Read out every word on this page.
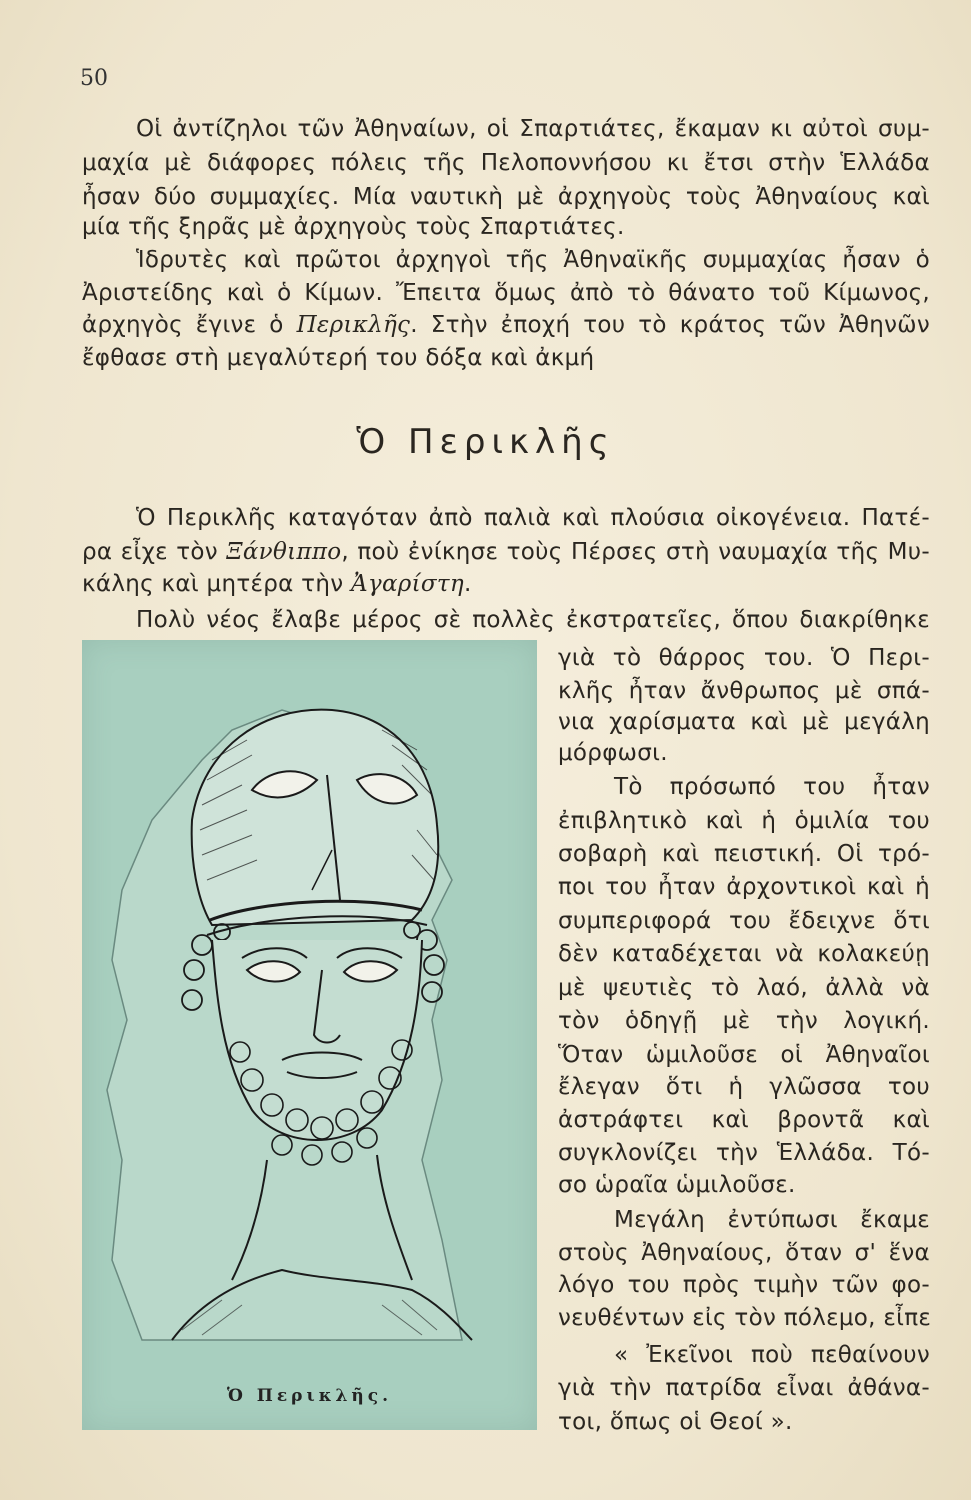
50
Οἱ ἀντίζηλοι τῶν Ἀθηναίων, οἱ Σπαρτιάτες, ἔκαμαν κι αὐτοὶ συμ-
μαχία μὲ διάφορες πόλεις τῆς Πελοποννήσου κι ἔτσι στὴν Ἑλλάδα
ἦσαν δύο συμμαχίες. Μία ναυτικὴ μὲ ἀρχηγοὺς τοὺς Ἀθηναίους καὶ
μία τῆς ξηρᾶς μὲ ἀρχηγοὺς τοὺς Σπαρτιάτες.
Ἱδρυτὲς καὶ πρῶτοι ἀρχηγοὶ τῆς Ἀθηναϊκῆς συμμαχίας ἦσαν ὁ
Ἀριστείδης καὶ ὁ Κίμων. Ἔπειτα ὅμως ἀπὸ τὸ θάνατο τοῦ Κίμωνος,
ἀρχηγὸς ἔγινε ὁ Περικλῆς. Στὴν ἐποχή του τὸ κράτος τῶν Ἀθηνῶν
ἔφθασε στὴ μεγαλύτερή του δόξα καὶ ἀκμή
Ὁ Περικλῆς
Ὁ Περικλῆς καταγόταν ἀπὸ παλιὰ καὶ πλούσια οἰκογένεια. Πατέ-
ρα εἶχε τὸν Ξάνθιππο, ποὺ ἐνίκησε τοὺς Πέρσες στὴ ναυμαχία τῆς Μυ-
κάλης καὶ μητέρα τὴν Ἀγαρίστη.
Πολὺ νέος ἔλαβε μέρος σὲ πολλὲς ἐκστρατεῖες, ὅπου διακρίθηκε
γιὰ τὸ θάρρος του. Ὁ Περι-
κλῆς ἦταν ἄνθρωπος μὲ σπά-
νια χαρίσματα καὶ μὲ μεγάλη
μόρφωσι.
Τὸ πρόσωπό του ἦταν
ἐπιβλητικὸ καὶ ἡ ὁμιλία του
σοβαρὴ καὶ πειστική. Οἱ τρό-
ποι του ἦταν ἀρχοντικοὶ καὶ ἡ
συμπεριφορά του ἔδειχνε ὅτι
δὲν καταδέχεται νὰ κολακεύῃ
μὲ ψευτιὲς τὸ λαό, ἀλλὰ νὰ
τὸν ὁδηγῇ μὲ τὴν λογική.
Ὅταν ὡμιλοῦσε οἱ Ἀθηναῖοι
ἔλεγαν ὅτι ἡ γλῶσσα του
ἀστράφτει καὶ βροντᾶ καὶ
συγκλονίζει τὴν Ἑλλάδα. Τό-
σο ὡραῖα ὡμιλοῦσε.
Μεγάλη ἐντύπωσι ἔκαμε
στοὺς Ἀθηναίους, ὅταν σ' ἕνα
λόγο του πρὸς τιμὴν τῶν φο-
νευθέντων εἰς τὸν πόλεμο, εἶπε
« Ἐκεῖνοι ποὺ πεθαίνουν
γιὰ τὴν πατρίδα εἶναι ἀθάνα-
τοι, ὅπως οἱ Θεοί ».
Ὁ Περικλῆς.
